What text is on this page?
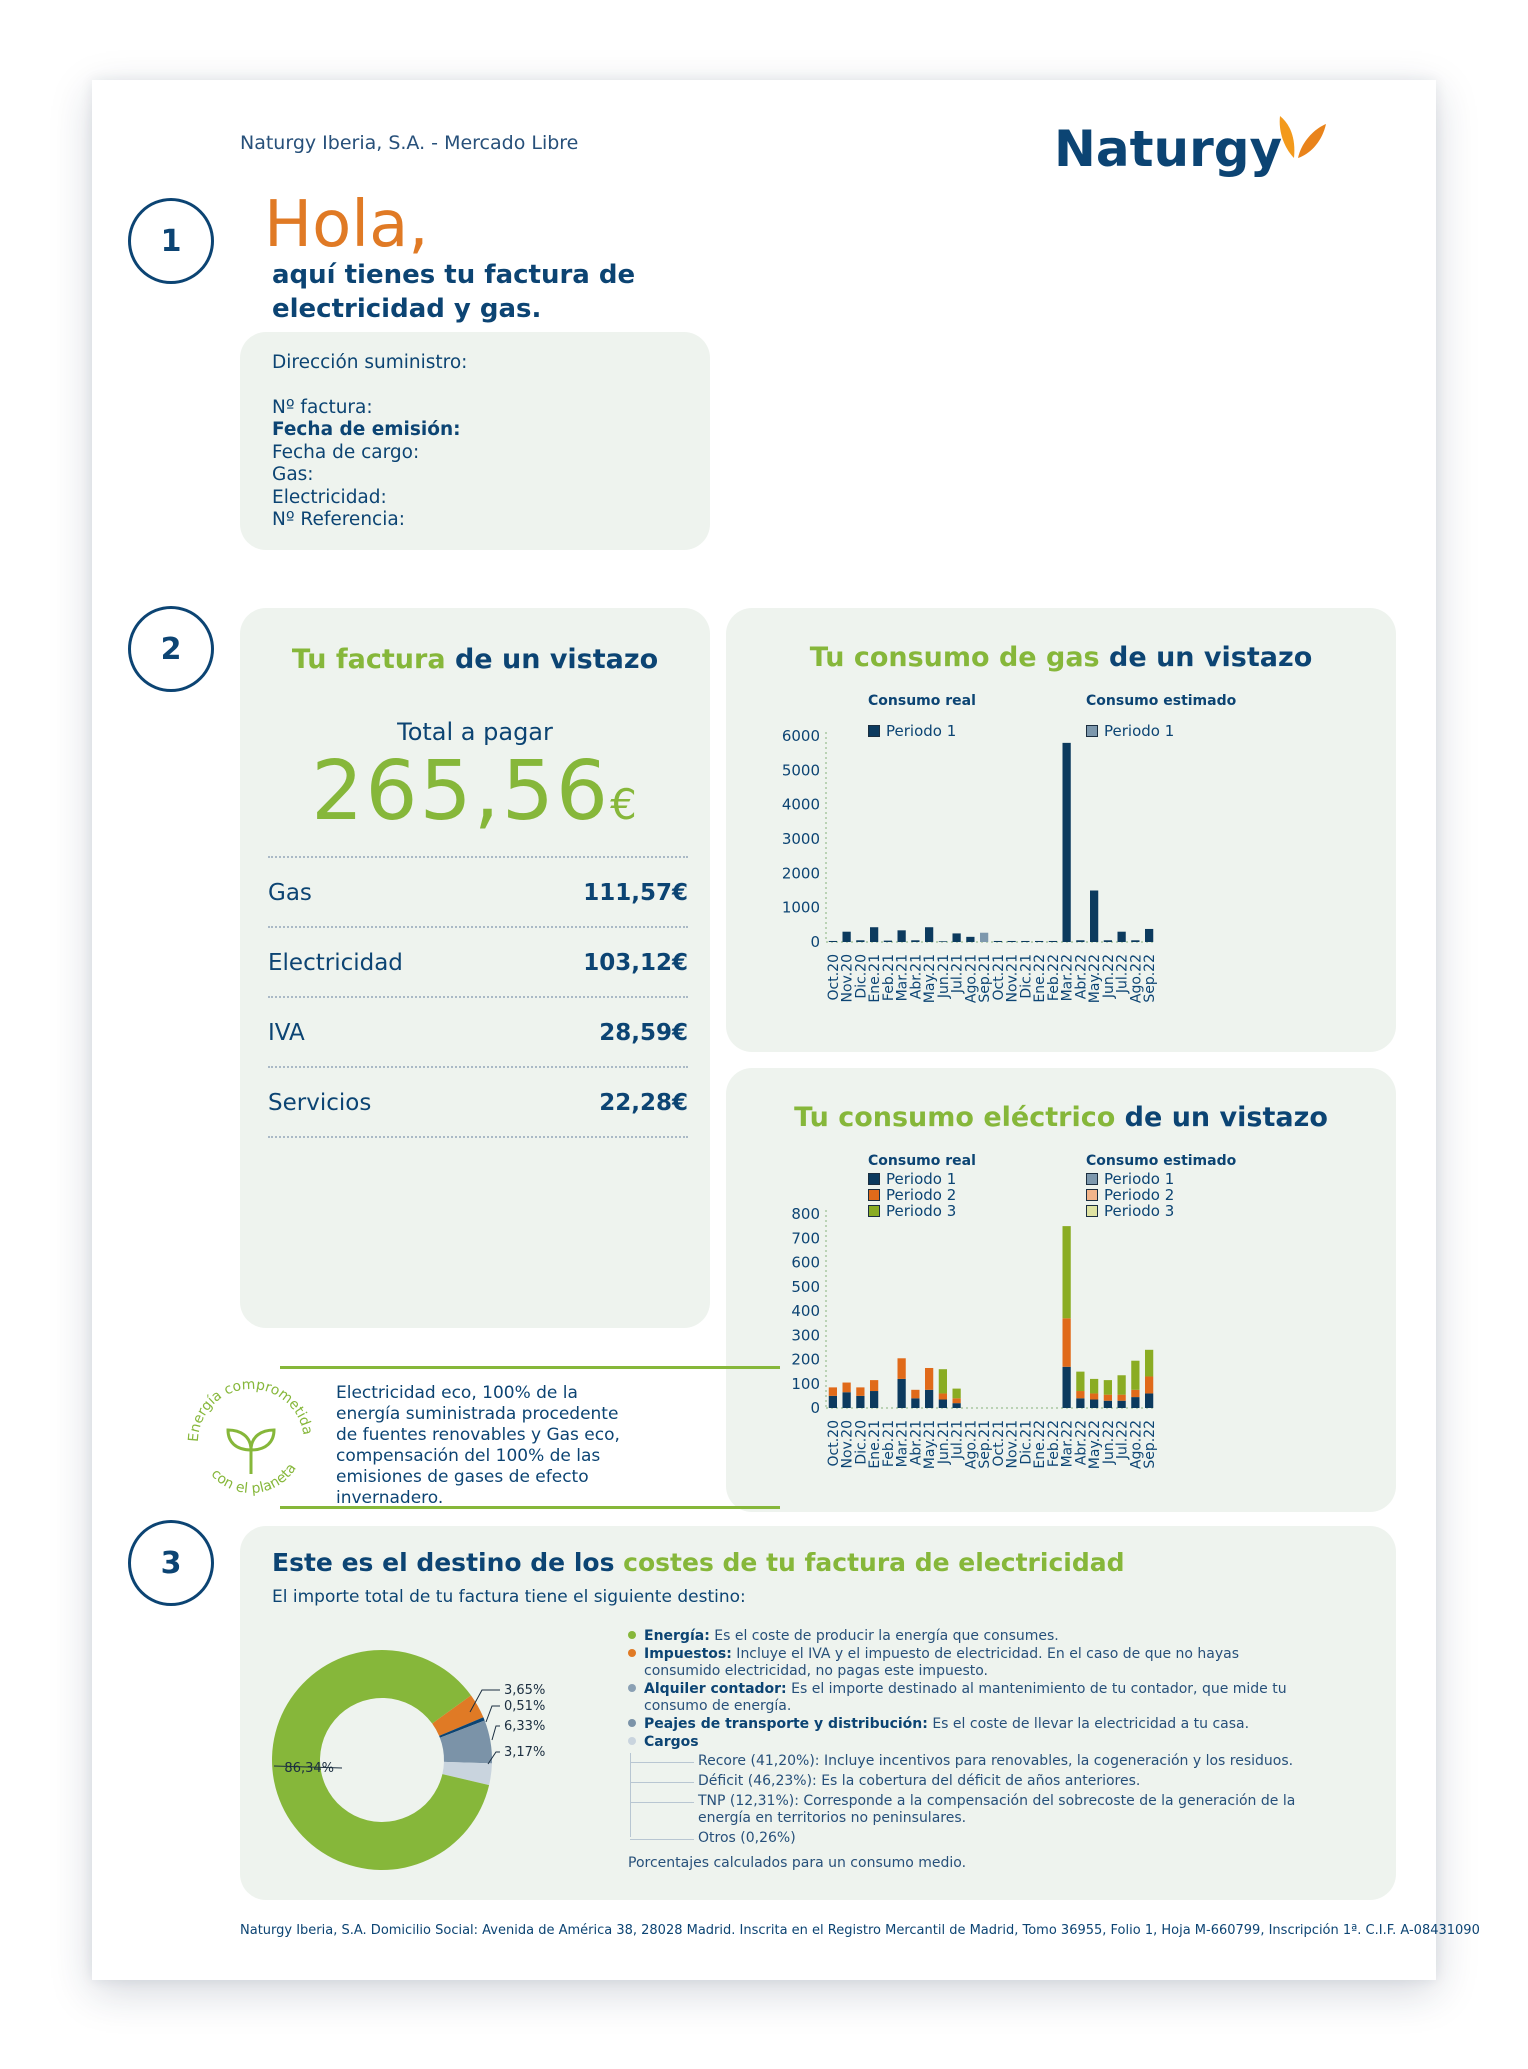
Naturgy Iberia, S.A. - Mercado Libre	Naturgy
1	Hola,
aquí tienes tu factura de electricidad y gas.
Dirección suministro:
Nº factura:
Fecha de emisión:
Fecha de cargo:
Gas:
Electricidad:
Nº Referencia:
2	Tu factura de un vistazo
Total a pagar
265,56€
Gas	111,57€
Electricidad	103,12€
IVA	28,59€
Servicios	22,28€
Tu consumo de gas de un vistazo
Consumo real	Consumo estimado
Periodo 1	Periodo 1
0
1000
2000
3000
4000
5000
6000
Oct.20
Nov.20
Dic.20
Ene.21
Feb.21
Mar.21
Abr.21
May.21
Jun.21
Jul.21
Ago.21
Sep.21
Oct.21
Nov.21
Dic.21
Ene.22
Feb.22
Mar.22
Abr.22
May.22
Jun.22
Jul.22
Ago.22
Sep.22
Tu consumo eléctrico de un vistazo
Consumo real	Consumo estimado
Periodo 1
Periodo 2
Periodo 3
Periodo 1
Periodo 2
Periodo 3
0
100
200
300
400
500
600
700
800
Oct.20
Nov.20
Dic.20
Ene.21
Feb.21
Mar.21
Abr.21
May.21
Jun.21
Jul.21
Ago.21
Sep.21
Oct.21
Nov.21
Dic.21
Ene.22
Feb.22
Mar.22
Abr.22
May.22
Jun.22
Jul.22
Ago.22
Sep.22
Energía comprometida
con el planeta
Electricidad eco, 100% de la energía suministrada procedente de fuentes renovables y Gas eco, compensación del 100% de las emisiones de gases de efecto invernadero.
3	Este es el destino de los costes de tu factura de electricidad
El importe total de tu factura tiene el siguiente destino:
3,65%
0,51%
6,33%
3,17%
86,34%
Energía: Es el coste de producir la energía que consumes.
Impuestos: Incluye el IVA y el impuesto de electricidad. En el caso de que no hayas consumido electricidad, no pagas este impuesto.
Alquiler contador: Es el importe destinado al mantenimiento de tu contador, que mide tu consumo de energía.
Peajes de transporte y distribución: Es el coste de llevar la electricidad a tu casa.
Cargos
Recore (41,20%): Incluye incentivos para renovables, la cogeneración y los residuos.
Déficit (46,23%): Es la cobertura del déficit de años anteriores.
TNP (12,31%): Corresponde a la compensación del sobrecoste de la generación de la energía en territorios no peninsulares.
Otros (0,26%)
Porcentajes calculados para un consumo medio.
Naturgy Iberia, S.A. Domicilio Social: Avenida de América 38, 28028 Madrid. Inscrita en el Registro Mercantil de Madrid, Tomo 36955, Folio 1, Hoja M-660799, Inscripción 1ª. C.I.F. A-08431090
